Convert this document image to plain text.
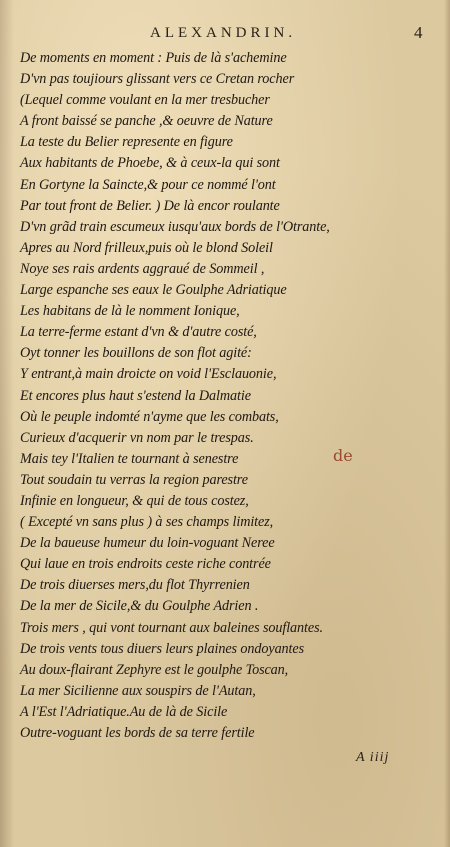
ALEXANDRIN.	4
De moments en moment : Puis de là s'achemine
D'vn pas toujiours glissant vers ce Cretan rocher
(Lequel comme voulant en la mer tresbucher
A front baissé se panche ,& oeuvre de Nature
La teste du Belier represente en figure
Aux habitants de Phoebe, & à ceux-la qui sont
En Gortyne la Saincte,& pour ce nommé l'ont
Par tout front de Belier. ) De là encor roulante
D'vn grãd train escumeux iusqu'aux bords de l'Otrante,
Apres au Nord frilleux,puis où le blond Soleil
Noye ses rais ardents aggraué de Sommeil ,
Large espanche ses eaux le Goulphe Adriatique
Les habitans de là le nomment Ionique,
La terre-ferme estant d'vn & d'autre costé,
Oyt tonner les bouillons de son flot agité:
Y entrant,à main droicte on void l'Esclauonie,
Et encores plus haut s'estend la Dalmatie
Où le peuple indomté n'ayme que les combats,
Curieux d'acquerir vn nom par le trespas.
Mais tey l'Italien te tournant à senestre
Tout soudain tu verras la region parestre
Infinie en longueur, & qui de tous costez,
( Excepté vn sans plus ) à ses champs limitez,
De la baueuse humeur du loin-voguant Neree
Qui laue en trois endroits ceste riche contrée
De trois diuerses mers,du flot Thyrrenien
De la mer de Sicile,& du Goulphe Adrien .
Trois mers , qui vont tournant aux baleines souflantes.
De trois vents tous diuers leurs plaines ondoyantes
Au doux-flairant Zephyre est le goulphe Toscan,
La mer Sicilienne aux souspirs de l'Autan,
A l'Est l'Adriatique.Au de là de Sicile
Outre-voguant les bords de sa terre fertile
de
A iiij
